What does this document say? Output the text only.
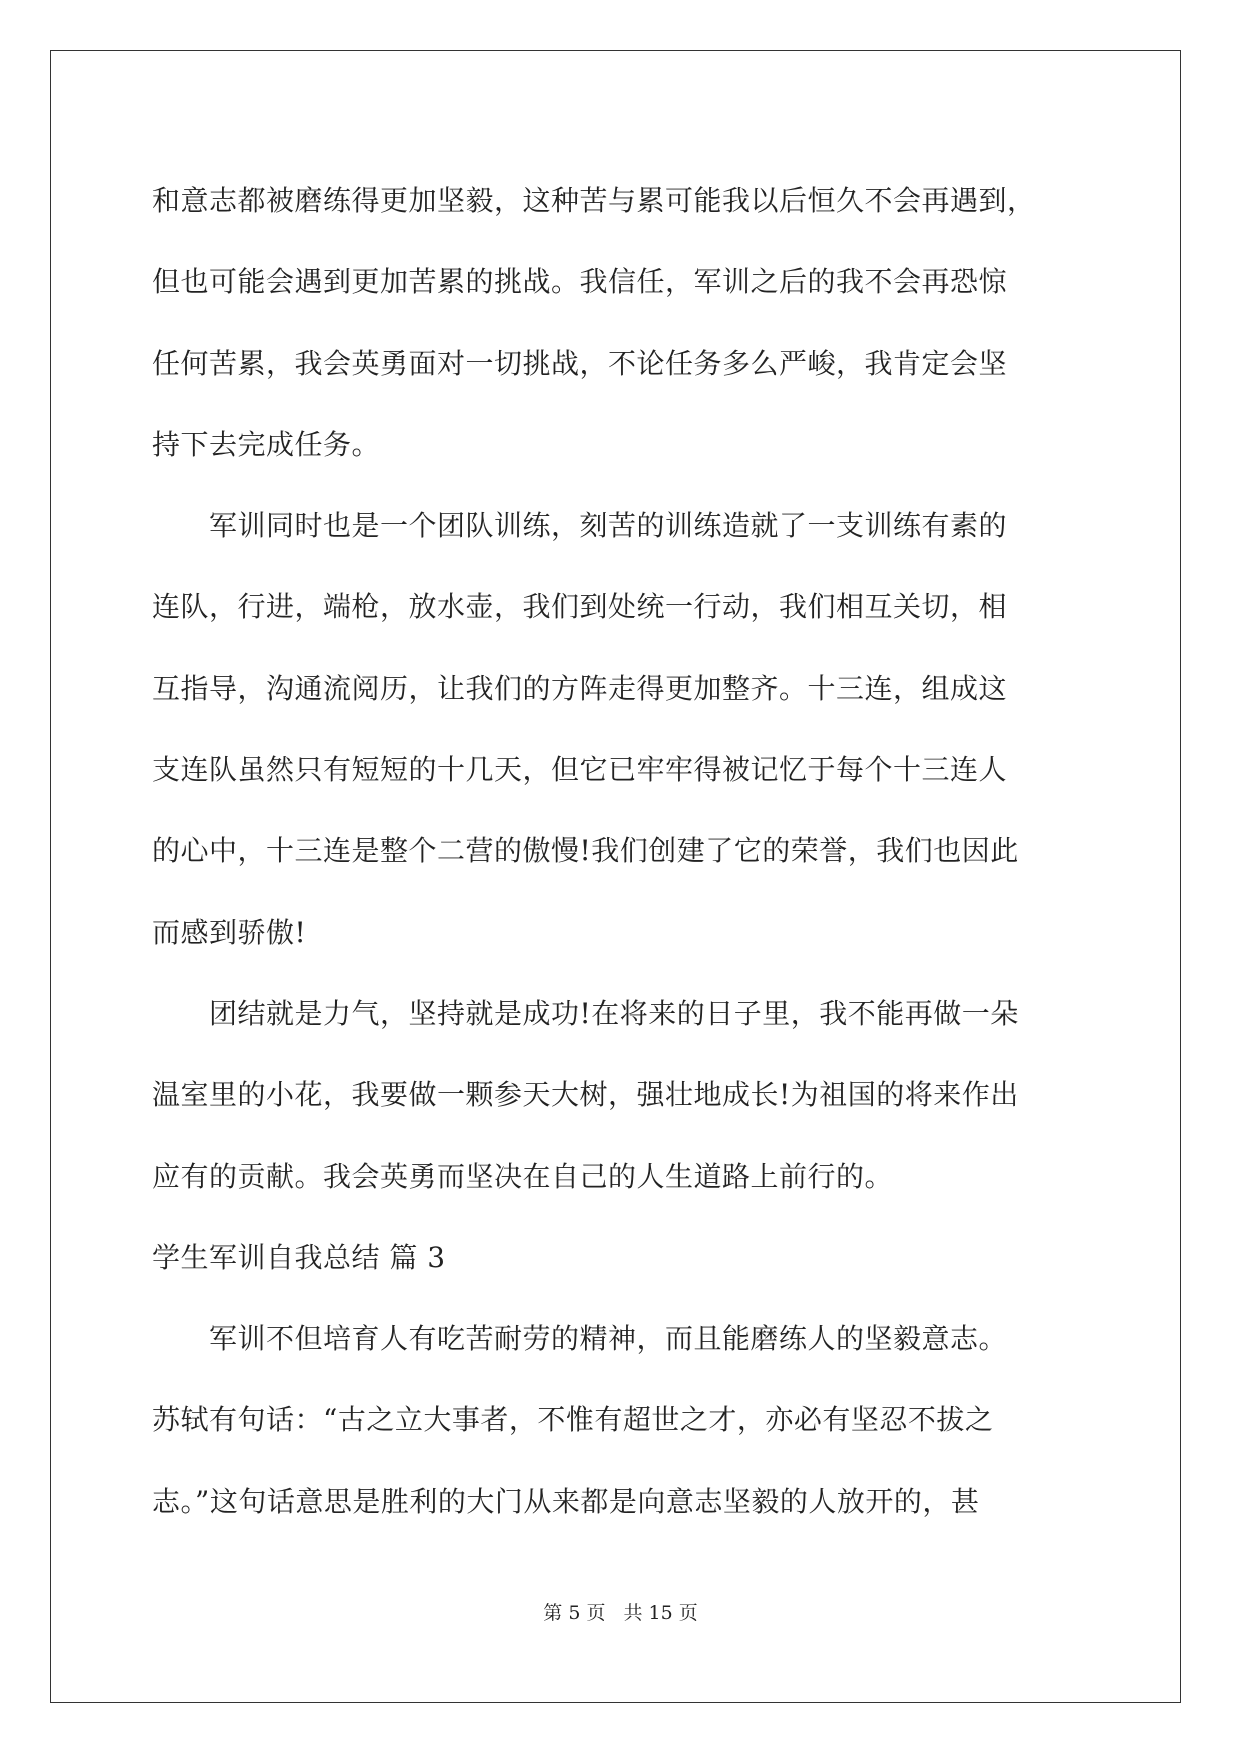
和意志都被磨练得更加坚毅，这种苦与累可能我以后恒久不会再遇到，
但也可能会遇到更加苦累的挑战。我信任，军训之后的我不会再恐惊
任何苦累，我会英勇面对一切挑战，不论任务多么严峻，我肯定会坚
持下去完成任务。
　　军训同时也是一个团队训练，刻苦的训练造就了一支训练有素的
连队，行进，端枪，放水壶，我们到处统一行动，我们相互关切，相
互指导，沟通流阅历，让我们的方阵走得更加整齐。十三连，组成这
支连队虽然只有短短的十几天，但它已牢牢得被记忆于每个十三连人
的心中，十三连是整个二营的傲慢!我们创建了它的荣誉，我们也因此
而感到骄傲!
　　团结就是力气，坚持就是成功!在将来的日子里，我不能再做一朵
温室里的小花，我要做一颗参天大树，强壮地成长!为祖国的将来作出
应有的贡献。我会英勇而坚决在自己的人生道路上前行的。
学生军训自我总结 篇 3
　　军训不但培育人有吃苦耐劳的精神，而且能磨练人的坚毅意志。
苏轼有句话：“古之立大事者，不惟有超世之才，亦必有坚忍不拔之
志。”这句话意思是胜利的大门从来都是向意志坚毅的人放开的，甚
第 5 页 共 15 页
